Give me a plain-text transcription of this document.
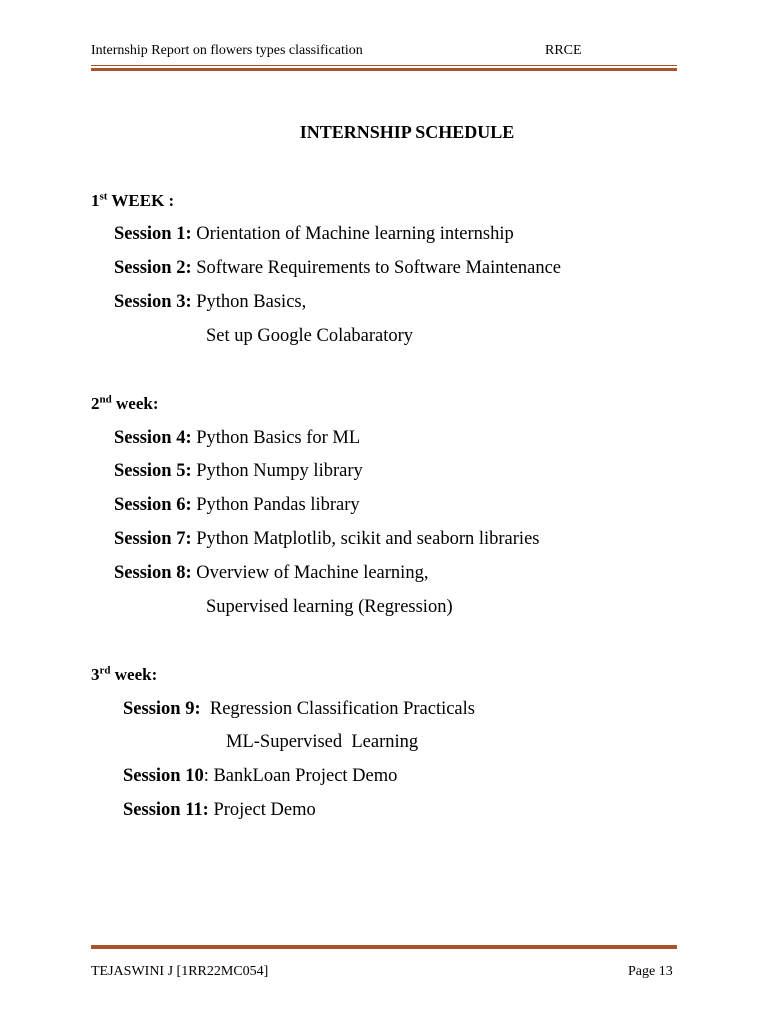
Internship Report on flowers types classification	RRCE
INTERNSHIP SCHEDULE
1st WEEK :
Session 1: Orientation of Machine learning internship
Session 2: Software Requirements to Software Maintenance
Session 3: Python Basics,
Set up Google Colabaratory
2nd week:
Session 4: Python Basics for ML
Session 5: Python Numpy library
Session 6: Python Pandas library
Session 7: Python Matplotlib, scikit and seaborn libraries
Session 8: Overview of Machine learning,
Supervised learning (Regression)
3rd week:
Session 9:  Regression Classification Practicals
ML-Supervised  Learning
Session 10: BankLoan Project Demo
Session 11: Project Demo
TEJASWINI J [1RR22MC054]	Page 13
